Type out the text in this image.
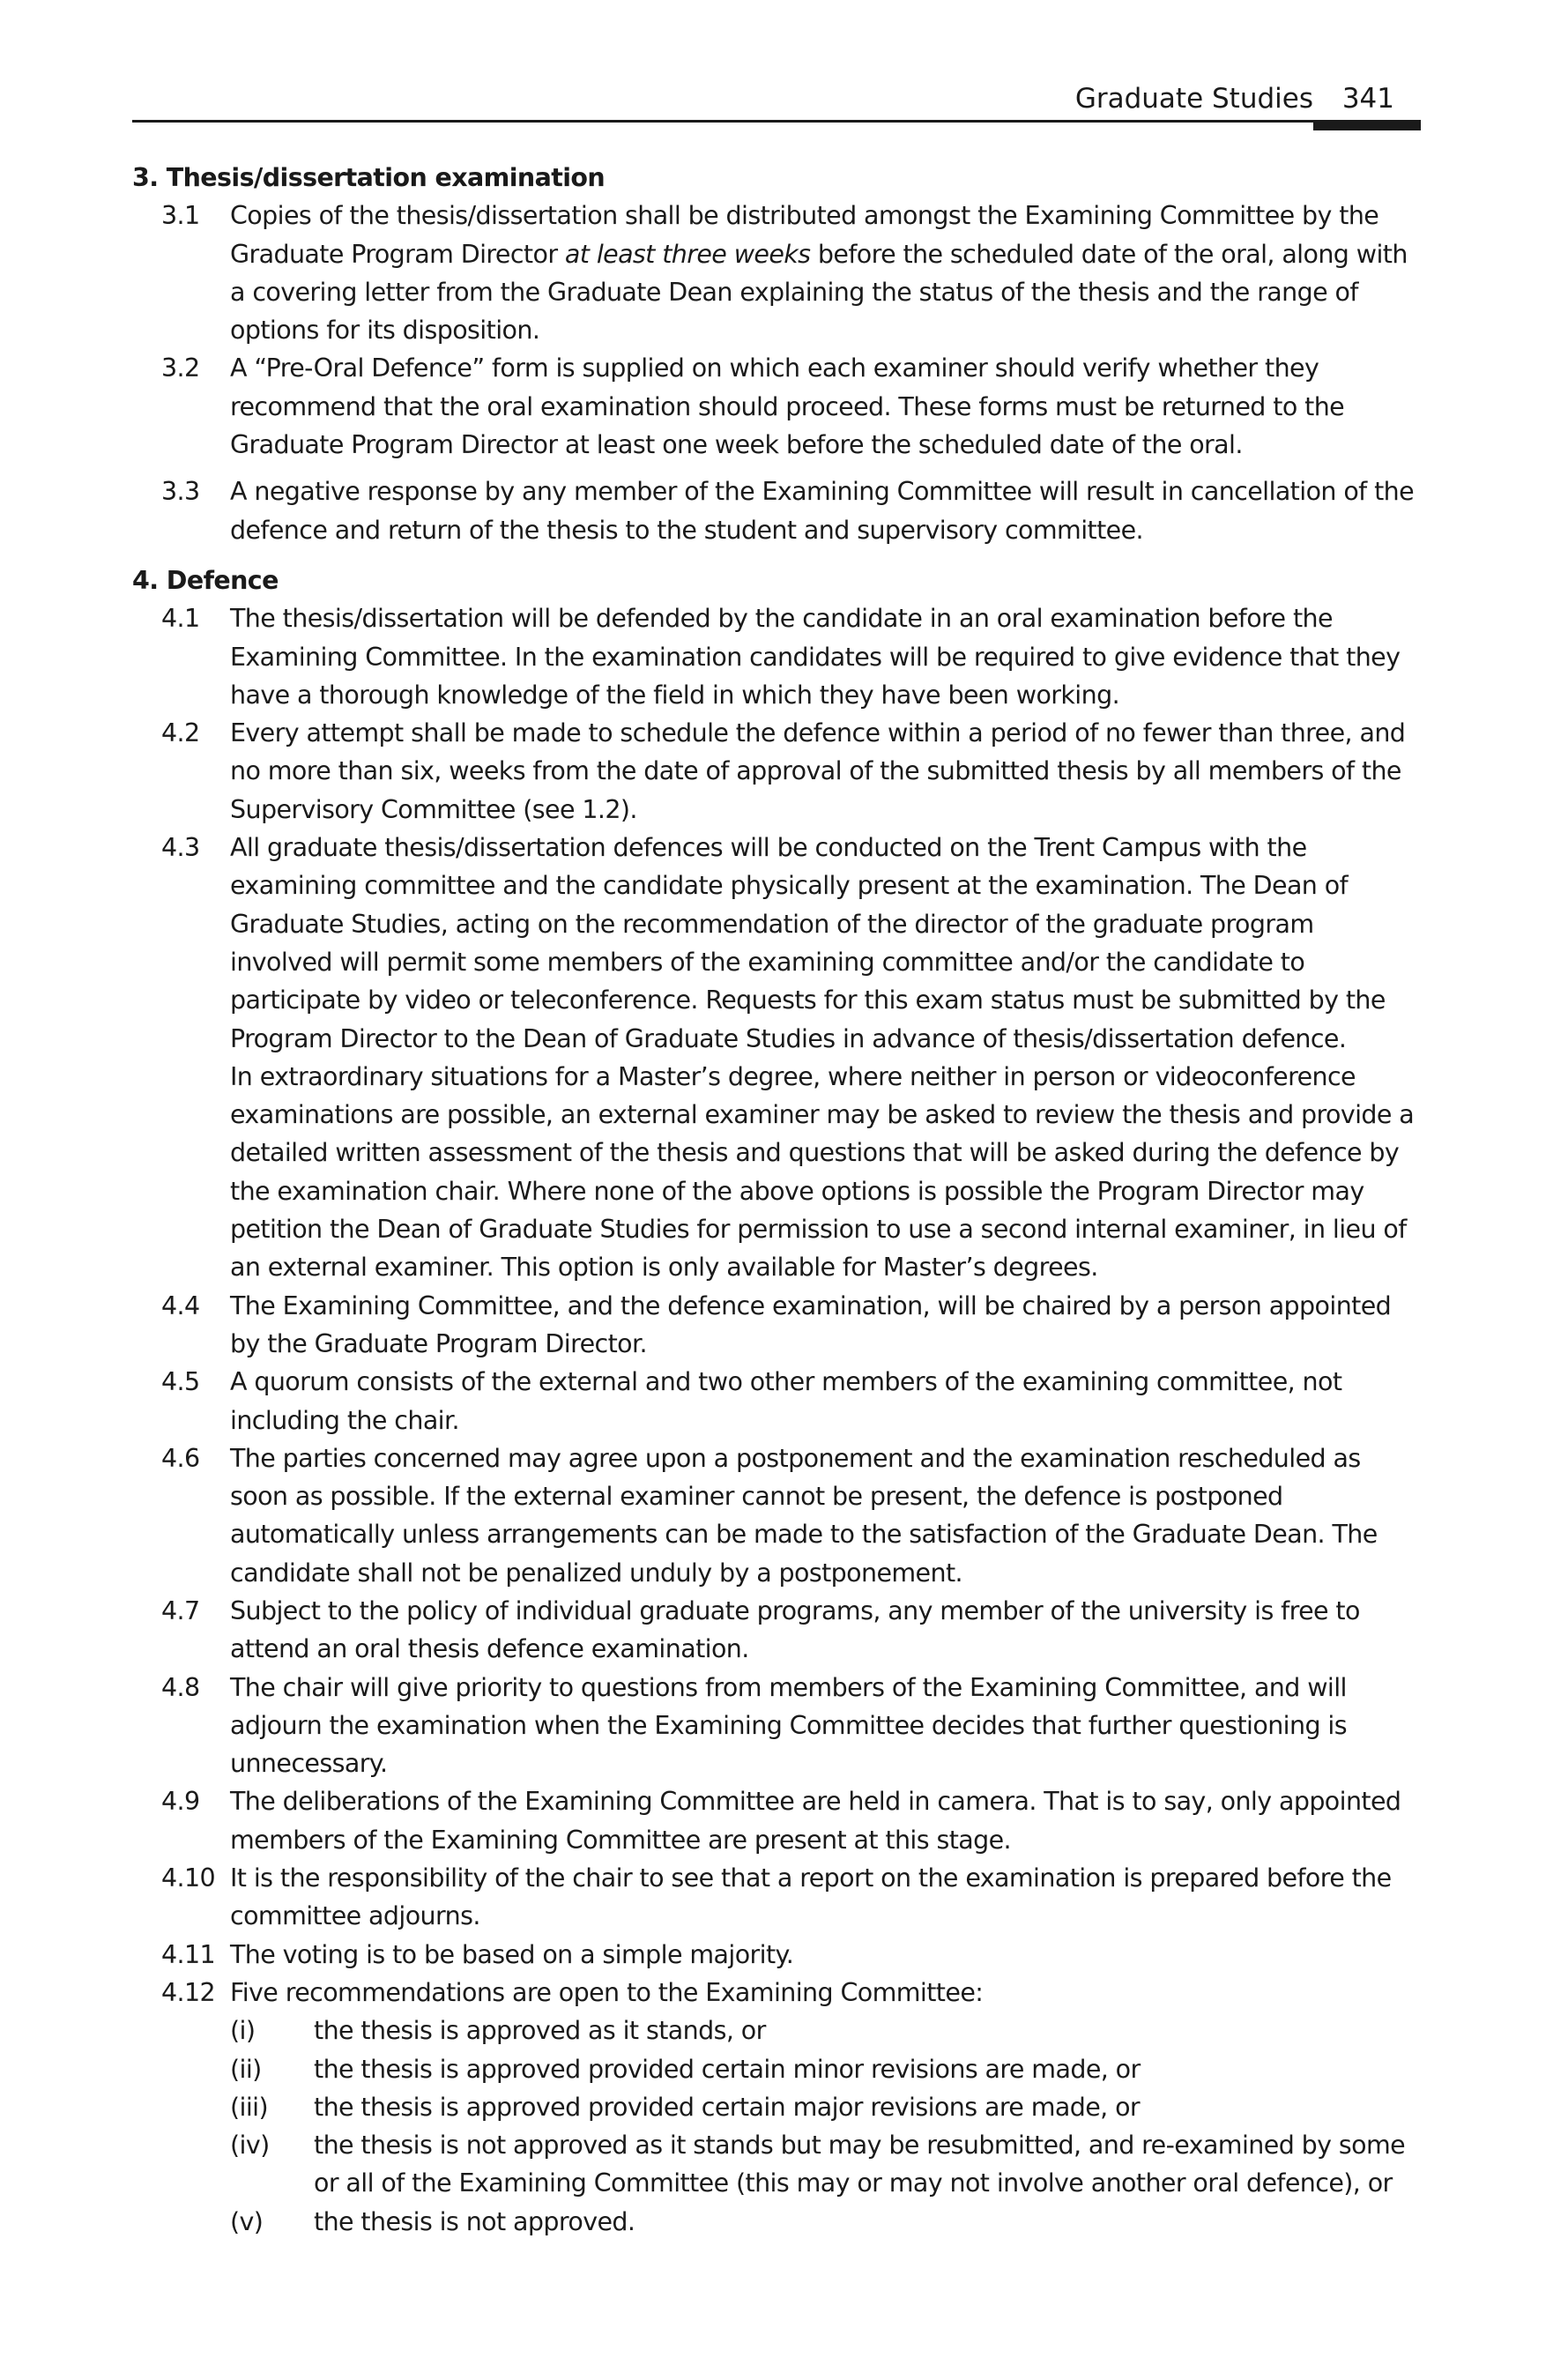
Graduate Studies 341

3. Thesis/dissertation examination

3.1 Copies of the thesis/dissertation shall be distributed amongst the Examining Committee by the Graduate Program Director at least three weeks before the scheduled date of the oral, along with a covering letter from the Graduate Dean explaining the status of the thesis and the range of options for its disposition.

3.2 A “Pre-Oral Defence” form is supplied on which each examiner should verify whether they recommend that the oral examination should proceed. These forms must be returned to the Graduate Program Director at least one week before the scheduled date of the oral.

3.3 A negative response by any member of the Examining Committee will result in cancellation of the defence and return of the thesis to the student and supervisory committee.

4. Defence

4.1 The thesis/dissertation will be defended by the candidate in an oral examination before the Examining Committee. In the examination candidates will be required to give evidence that they have a thorough knowledge of the field in which they have been working.

4.2 Every attempt shall be made to schedule the defence within a period of no fewer than three, and no more than six, weeks from the date of approval of the submitted thesis by all members of the Supervisory Committee (see 1.2).

4.3 All graduate thesis/dissertation defences will be conducted on the Trent Campus with the examining committee and the candidate physically present at the examination. The Dean of Graduate Studies, acting on the recommendation of the director of the graduate program involved will permit some members of the examining committee and/or the candidate to participate by video or teleconference. Requests for this exam status must be submitted by the Program Director to the Dean of Graduate Studies in advance of thesis/dissertation defence.

In extraordinary situations for a Master’s degree, where neither in person or videoconference examinations are possible, an external examiner may be asked to review the thesis and provide a detailed written assessment of the thesis and questions that will be asked during the defence by the examination chair. Where none of the above options is possible the Program Director may petition the Dean of Graduate Studies for permission to use a second internal examiner, in lieu of an external examiner. This option is only available for Master’s degrees.

4.4 The Examining Committee, and the defence examination, will be chaired by a person appointed by the Graduate Program Director.

4.5 A quorum consists of the external and two other members of the examining committee, not including the chair.

4.6 The parties concerned may agree upon a postponement and the examination rescheduled as soon as possible. If the external examiner cannot be present, the defence is postponed automatically unless arrangements can be made to the satisfaction of the Graduate Dean. The candidate shall not be penalized unduly by a postponement.

4.7 Subject to the policy of individual graduate programs, any member of the university is free to attend an oral thesis defence examination.

4.8 The chair will give priority to questions from members of the Examining Committee, and will adjourn the examination when the Examining Committee decides that further questioning is unnecessary.

4.9 The deliberations of the Examining Committee are held in camera. That is to say, only appointed members of the Examining Committee are present at this stage.

4.10 It is the responsibility of the chair to see that a report on the examination is prepared before the committee adjourns.

4.11 The voting is to be based on a simple majority.

4.12 Five recommendations are open to the Examining Committee:

(i) the thesis is approved as it stands, or

(ii) the thesis is approved provided certain minor revisions are made, or

(iii) the thesis is approved provided certain major revisions are made, or

(iv) the thesis is not approved as it stands but may be resubmitted, and re-examined by some or all of the Examining Committee (this may or may not involve another oral defence), or

(v) the thesis is not approved.
